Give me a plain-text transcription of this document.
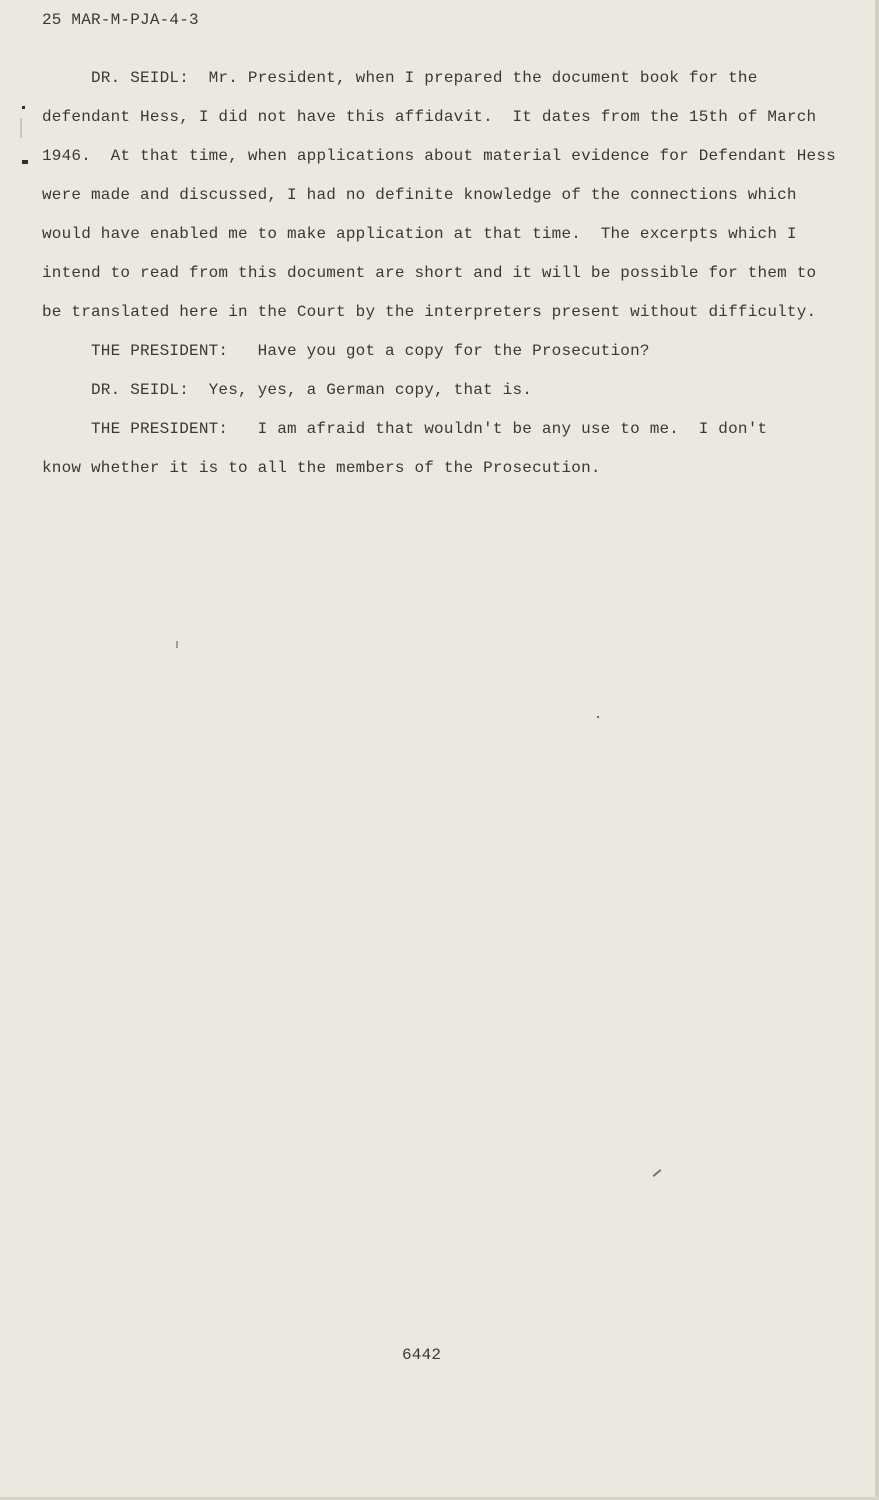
25 MAR-M-PJA-4-3
DR. SEIDL:  Mr. President, when I prepared the document book for the
defendant Hess, I did not have this affidavit.  It dates from the 15th of March
1946.  At that time, when applications about material evidence for Defendant Hess
were made and discussed, I had no definite knowledge of the connections which
would have enabled me to make application at that time.  The excerpts which I
intend to read from this document are short and it will be possible for them to
be translated here in the Court by the interpreters present without difficulty.
THE PRESIDENT:   Have you got a copy for the Prosecution?
DR. SEIDL:  Yes, yes, a German copy, that is.
THE PRESIDENT:   I am afraid that wouldn't be any use to me.  I don't
know whether it is to all the members of the Prosecution.
6442
